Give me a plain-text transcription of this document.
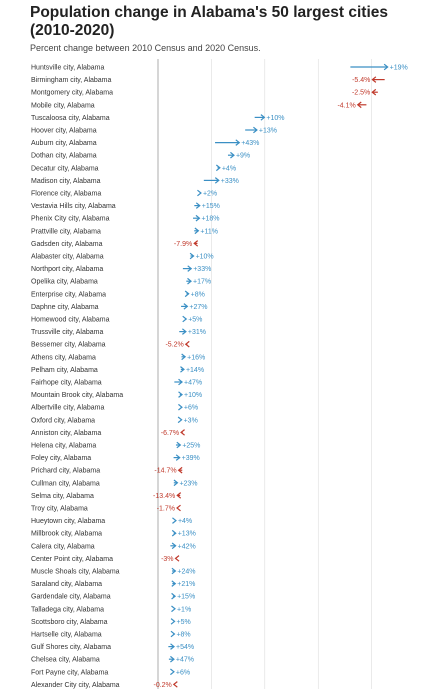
Population change in Alabama's 50 largest cities (2010-2020)
Percent change between 2010 Census and 2020 Census.
Huntsville city, Alabama
Birmingham city, Alabama
Montgomery city, Alabama
Mobile city, Alabama
Tuscaloosa city, Alabama
Hoover city, Alabama
Auburn city, Alabama
Dothan city, Alabama
Decatur city, Alabama
Madison city, Alabama
Florence city, Alabama
Vestavia Hills city, Alabama
Phenix City city, Alabama
Prattville city, Alabama
Gadsden city, Alabama
Alabaster city, Alabama
Northport city, Alabama
Opelika city, Alabama
Enterprise city, Alabama
Daphne city, Alabama
Homewood city, Alabama
Trussville city, Alabama
Bessemer city, Alabama
Athens city, Alabama
Pelham city, Alabama
Fairhope city, Alabama
Mountain Brook city, Alabama
Albertville city, Alabama
Oxford city, Alabama
Anniston city, Alabama
Helena city, Alabama
Foley city, Alabama
Prichard city, Alabama
Cullman city, Alabama
Selma city, Alabama
Troy city, Alabama
Hueytown city, Alabama
Millbrook city, Alabama
Calera city, Alabama
Center Point city, Alabama
Muscle Shoals city, Alabama
Saraland city, Alabama
Gardendale city, Alabama
Talladega city, Alabama
Scottsboro city, Alabama
Hartselle city, Alabama
Gulf Shores city, Alabama
Chelsea city, Alabama
Fort Payne city, Alabama
Alexander City city, Alabama
+19%
-5.4%
-2.5%
-4.1%
+10%
+13%
+43%
+9%
+4%
+33%
+2%
+15%
+18%
+11%
-7.9%
+10%
+33%
+17%
+8%
+27%
+5%
+31%
-5.2%
+16%
+14%
+47%
+10%
+6%
+3%
-6.7%
+25%
+39%
-14.7%
+23%
-13.4%
-1.7%
+4%
+13%
+42%
-3%
+24%
+21%
+15%
+1%
+5%
+8%
+54%
+47%
+6%
-0.2%
